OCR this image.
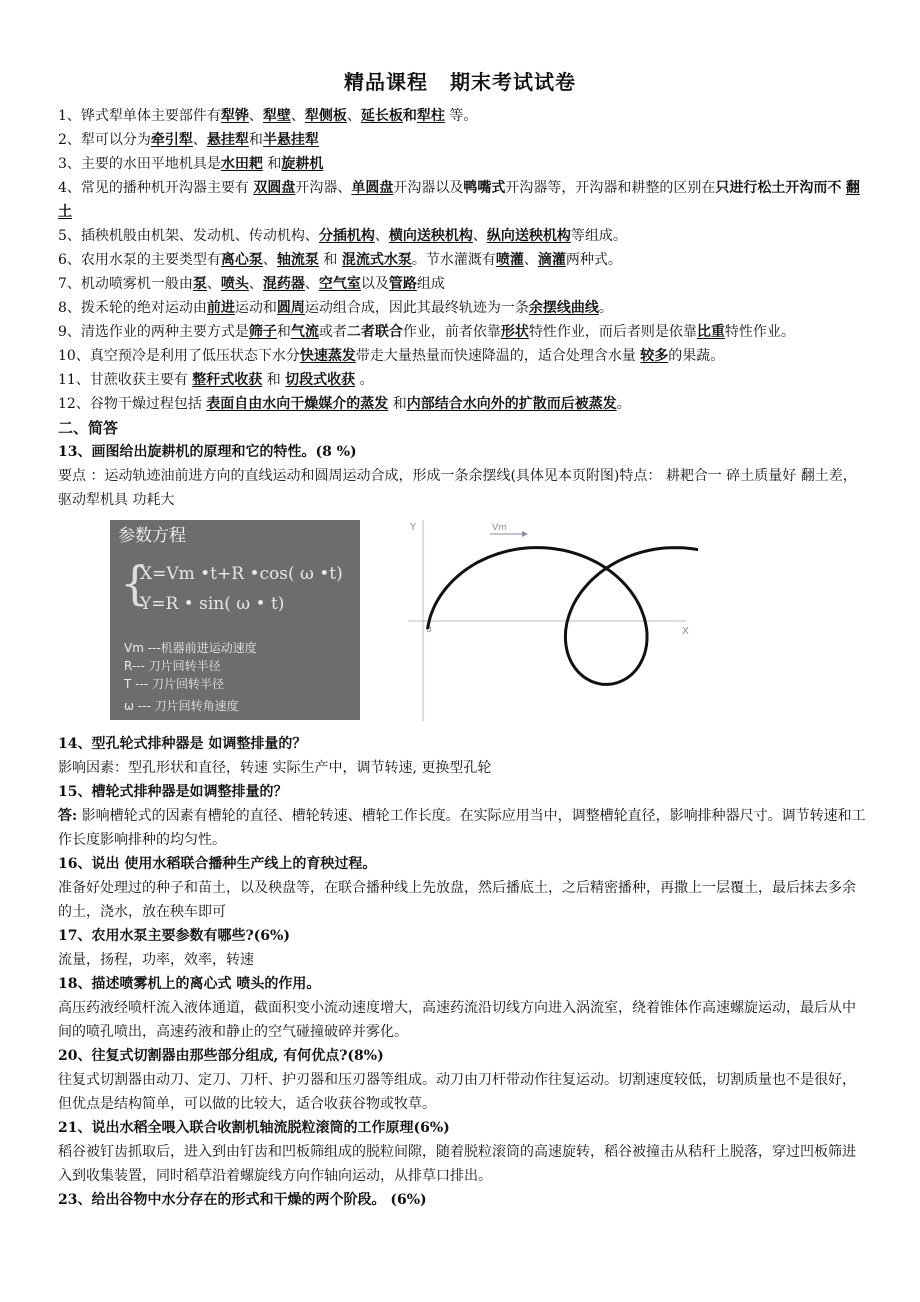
精品课程 期末考试试卷
1、铧式犁单体主要部件有犁铧、犁壁、犁侧板、延长板和犁柱 等。
2、犁可以分为牵引犁、悬挂犁和半悬挂犁
3、主要的水田平地机具是水田耙 和旋耕机
4、常见的播种机开沟器主要有 双圆盘开沟器、单圆盘开沟器以及鸭嘴式开沟器等，开沟器和耕整的区别在只进行松土开沟而不 翻土
5、插秧机般由机架、发动机、传动机构、分插机构、横向送秧机构、纵向送秧机构等组成。
6、农用水泵的主要类型有离心泵、轴流泵 和 混流式水泵。节水灌溉有喷灌、滴灌两种式。
7、机动喷雾机一般由泵、喷头、混药器、空气室以及管路组成
8、拨禾轮的绝对运动由前进运动和圆周运动组合成，因此其最终轨迹为一条余摆线曲线。
9、清选作业的两种主要方式是筛子和气流或者二者联合作业，前者依靠形状特性作业，而后者则是依靠比重特性作业。
10、真空预冷是利用了低压状态下水分快速蒸发带走大量热量而快速降温的，适合处理含水量 较多的果蔬。
11、甘蔗收获主要有 整秆式收获 和 切段式收获 。
12、谷物干燥过程包括 表面自由水向干燥媒介的蒸发 和内部结合水向外的扩散而后被蒸发。
二、简答
13、画图给出旋耕机的原理和它的特性。(8 %)
要点 ：运动轨迹油前进方向的直线运动和圆周运动合成，形成一条余摆线(具体见本页附图)特点： 耕耙合一 碎土质量好 翻土差，驱动犁机具 功耗大
参数方程
{
X=Vm •t+R •cos( ω •t)
Y=R • sin( ω • t)
Vm ---机器前进运动速度
R--- 刀片回转半径
T --- 刀片回转半径
ω --- 刀片回转角速度
Y
X
0
Vm
14、型孔轮式排种器是 如调整排量的？
影响因素：型孔形状和直径，转速 实际生产中，调节转速, 更换型孔轮
15、槽轮式排种器是如调整排量的？
答: 影响槽轮式的因素有槽轮的直径、槽轮转速、槽轮工作长度。在实际应用当中，调整槽轮直径，影响排种器尺寸。调节转速和工作长度影响排种的均匀性。
16、说出 使用水稻联合播种生产线上的育秧过程。
准备好处理过的种子和苗土，以及秧盘等，在联合播种线上先放盘，然后播底土，之后精密播种，再撒上一层覆土，最后抹去多余的土，浇水，放在秧车即可
17、农用水泵主要参数有哪些?(6%)
流量，扬程，功率，效率，转速
18、描述喷雾机上的离心式 喷头的作用。
高压药液经喷杆流入液体通道，截面积变小流动速度增大，高速药流沿切线方向进入涡流室，绕着锥体作高速螺旋运动，最后从中间的喷孔喷出，高速药液和静止的空气碰撞破碎并雾化。
20、往复式切割器由那些部分组成, 有何优点?(8%)
往复式切割器由动刀、定刀、刀杆、护刃器和压刃器等组成。动刀由刀杆带动作往复运动。切割速度较低，切割质量也不是很好，但优点是结构简单，可以做的比较大，适合收获谷物或牧草。
21、说出水稻全喂入联合收割机轴流脱粒滚筒的工作原理(6%)
稻谷被钉齿抓取后，进入到由钉齿和凹板筛组成的脱粒间隙，随着脱粒滚筒的高速旋转，稻谷被撞击从秸秆上脱落，穿过凹板筛进入到收集装置，同时稻草沿着螺旋线方向作轴向运动，从排草口排出。
23、给出谷物中水分存在的形式和干燥的两个阶段。 (6%)
